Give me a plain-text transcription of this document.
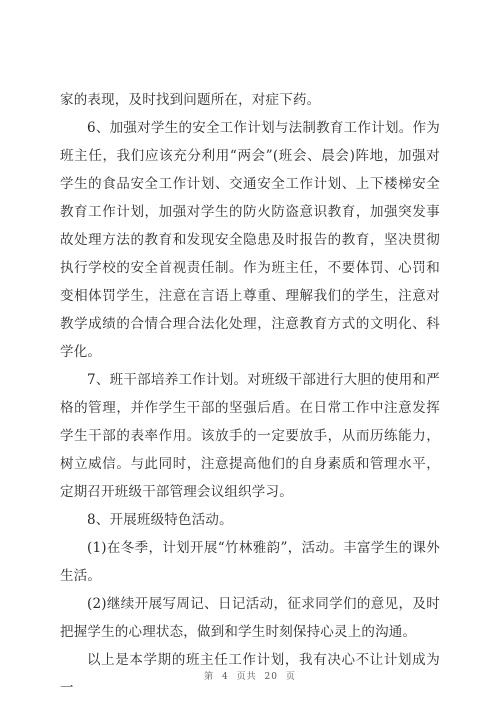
家的表现，及时找到问题所在，对症下药。

6、加强对学生的安全工作计划与法制教育工作计划。作为班主任，我们应该充分利用“两会”(班会、晨会)阵地，加强对学生的食品安全工作计划、交通安全工作计划、上下楼梯安全教育工作计划，加强对学生的防火防盗意识教育，加强突发事故处理方法的教育和发现安全隐患及时报告的教育，坚决贯彻执行学校的安全首视责任制。作为班主任，不要体罚、心罚和变相体罚学生，注意在言语上尊重、理解我们的学生，注意对教学成绩的合情合理合法化处理，注意教育方式的文明化、科学化。

7、班干部培养工作计划。对班级干部进行大胆的使用和严格的管理，并作学生干部的坚强后盾。在日常工作中注意发挥学生干部的表率作用。该放手的一定要放手，从而历练能力，树立威信。与此同时，注意提高他们的自身素质和管理水平，定期召开班级干部管理会议组织学习。

8、开展班级特色活动。

(1)在冬季，计划开展“竹林雅韵”，活动。丰富学生的课外生活。

(2)继续开展写周记、日记活动，征求同学们的意见，及时把握学生的心理状态，做到和学生时刻保持心灵上的沟通。

以上是本学期的班主任工作计划，我有决心不让计划成为一

第 4 页共 20 页
